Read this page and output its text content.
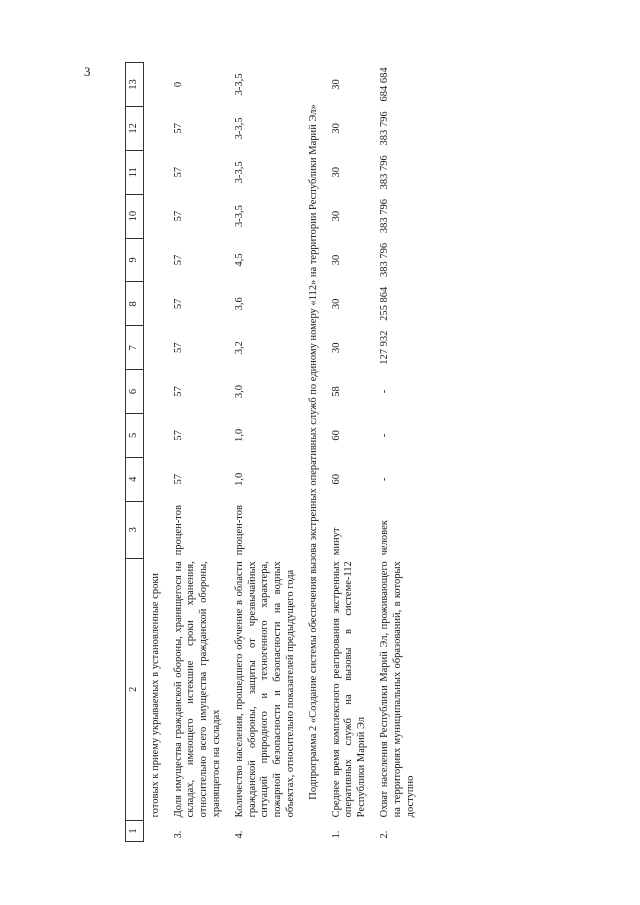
3
1	2	3	4	5	6	7	8	9	10	11	12	13
	готовых к приему укрываемых в установленные сроки											
3.	Доля имущества гражданской обороны, хранящегося на складах, имеющего истекшие сроки хранения, относительно всего имущества гражданской обороны, хранящегося на складах	процен-тов	57	57	57	57	57	57	57	57	57	0
4.	Количество населения, прошедшего обучение в области гражданской обороны, защиты от чрезвычайных ситуаций природного и техногенного характера, пожарной безопасности и безопасности на водных объектах, относительно показателей предыдущего года	процен-тов	1,0	1,0	3,0	3,2	3,6	4,5	3-3,5	3-3,5	3-3,5	3-3,5
Подпрограмма 2 «Создание системы обеспечения вызова экстренных оперативных служб по единому номеру «112» на территории Республики Марий Эл»												
1.	Среднее время комплексного реагирования экстренных оперативных служб на вызовы в системе-112 Республики Марий Эл	минут	60	60	58	30	30	30	30	30	30	30
2.	Охват населения Республики Марий Эл, проживающего на территориях муниципальных образований, в которых доступно	человек	-	-	-	127 932	255 864	383 796	383 796	383 796	383 796	684 684
